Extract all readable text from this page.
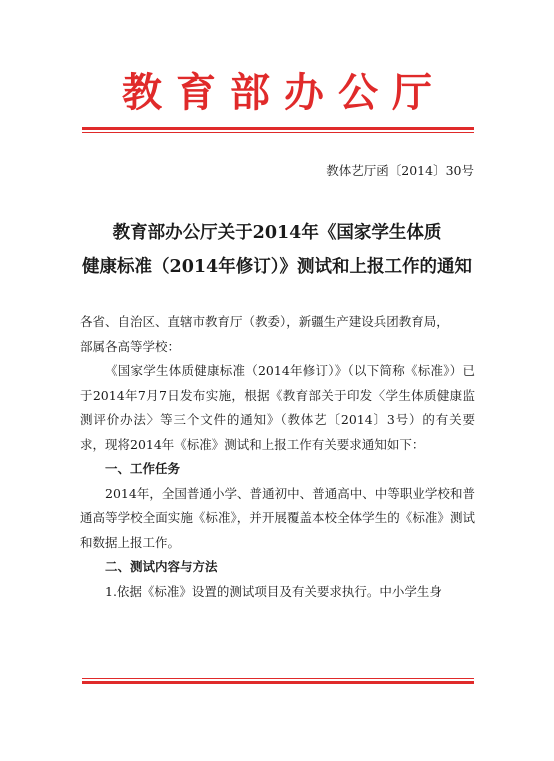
教育部办公厅
教体艺厅函〔2014〕30号
教育部办公厅关于2014年《国家学生体质
健康标准（2014年修订）》测试和上报工作的通知

各省、自治区、直辖市教育厅（教委），新疆生产建设兵团教育局，

部属各高等学校：

《国家学生体质健康标准（2014年修订）》（以下简称《标准》）已于2014年7月7日发布实施，根据《教育部关于印发〈学生体质健康监测评价办法〉等三个文件的通知》（教体艺〔2014〕3号）的有关要求，现将2014年《标准》测试和上报工作有关要求通知如下：

一、工作任务

2014年，全国普通小学、普通初中、普通高中、中等职业学校和普通高等学校全面实施《标准》，并开展覆盖本校全体学生的《标准》测试和数据上报工作。

二、测试内容与方法

1.依据《标准》设置的测试项目及有关要求执行。中小学生身
